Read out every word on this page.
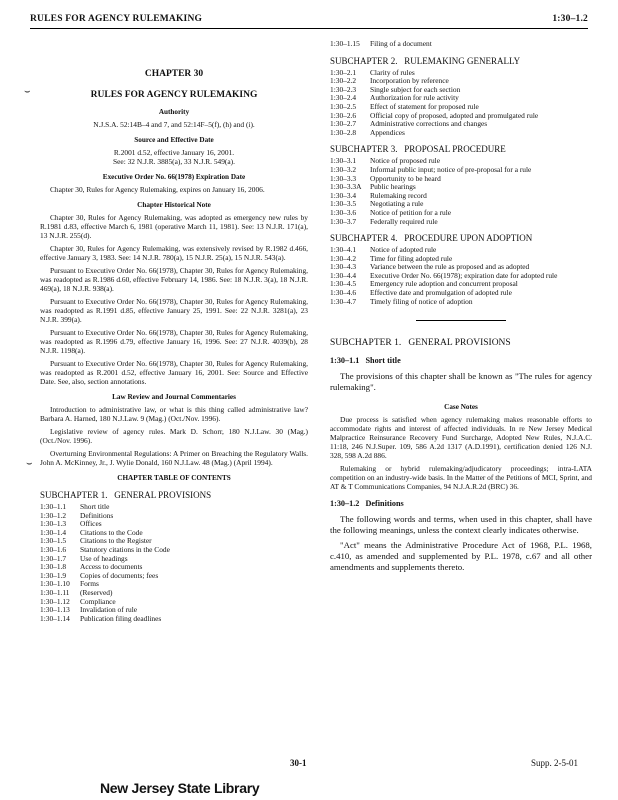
RULES FOR AGENCY RULEMAKING	1:30–1.2
⌣
⌣
CHAPTER 30
RULES FOR AGENCY RULEMAKING
Authority

N.J.S.A. 52:14B–4 and 7, and 52:14F–5(f), (h) and (i).

Source and Effective Date

R.2001 d.52, effective January 16, 2001.

See: 32 N.J.R. 3885(a), 33 N.J.R. 549(a).

Executive Order No. 66(1978) Expiration Date

Chapter 30, Rules for Agency Rulemaking, expires on January 16, 2006.

Chapter Historical Note

Chapter 30, Rules for Agency Rulemaking, was adopted as emergency new rules by R.1981 d.83, effective March 6, 1981 (operative March 11, 1981). See: 13 N.J.R. 171(a), 13 N.J.R. 255(d).

Chapter 30, Rules for Agency Rulemaking, was extensively revised by R.1982 d.466, effective January 3, 1983. See: 14 N.J.R. 780(a), 15 N.J.R. 25(a), 15 N.J.R. 543(a).

Pursuant to Executive Order No. 66(1978), Chapter 30, Rules for Agency Rulemaking, was readopted as R.1986 d.60, effective February 14, 1986. See: 18 N.J.R. 3(a), 18 N.J.R. 469(a), 18 N.J.R. 938(a).

Pursuant to Executive Order No. 66(1978), Chapter 30, Rules for Agency Rulemaking, was readopted as R.1991 d.85, effective January 25, 1991. See: 22 N.J.R. 3281(a), 23 N.J.R. 399(a).

Pursuant to Executive Order No. 66(1978), Chapter 30, Rules for Agency Rulemaking, was readopted as R.1996 d.79, effective January 16, 1996. See: 27 N.J.R. 4039(b), 28 N.J.R. 1198(a).

Pursuant to Executive Order No. 66(1978), Chapter 30, Rules for Agency Rulemaking, was readopted as R.2001 d.52, effective January 16, 2001. See: Source and Effective Date. See, also, section annotations.

Law Review and Journal Commentaries

Introduction to administrative law, or what is this thing called administrative law? Barbara A. Harned, 180 N.J.Law. 9 (Mag.) (Oct./Nov. 1996).

Legislative review of agency rules. Mark D. Schorr, 180 N.J.Law. 30 (Mag.) (Oct./Nov. 1996).

Overturning Environmental Regulations: A Primer on Breaching the Regulatory Walls. John A. McKinney, Jr., J. Wylie Donald, 160 N.J.Law. 48 (Mag.) (April 1994).

CHAPTER TABLE OF CONTENTS
SUBCHAPTER 1.   GENERAL PROVISIONS
1:30–1.1	Short title
1:30–1.2	Definitions
1:30–1.3	Offices
1:30–1.4	Citations to the Code
1:30–1.5	Citations to the Register
1:30–1.6	Statutory citations in the Code
1:30–1.7	Use of headings
1:30–1.8	Access to documents
1:30–1.9	Copies of documents; fees
1:30–1.10	Forms
1:30–1.11	(Reserved)
1:30–1.12	Compliance
1:30–1.13	Invalidation of rule
1:30–1.14	Publication filing deadlines
1:30–1.15	Filing of a document
SUBCHAPTER 2.   RULEMAKING GENERALLY
1:30–2.1	Clarity of rules
1:30–2.2	Incorporation by reference
1:30–2.3	Single subject for each section
1:30–2.4	Authorization for rule activity
1:30–2.5	Effect of statement for proposed rule
1:30–2.6	Official copy of proposed, adopted and promulgated rule
1:30–2.7	Administrative corrections and changes
1:30–2.8	Appendices
SUBCHAPTER 3.   PROPOSAL PROCEDURE
1:30–3.1	Notice of proposed rule
1:30–3.2	Informal public input; notice of pre-proposal for a rule
1:30–3.3	Opportunity to be heard
1:30–3.3A	Public hearings
1:30–3.4	Rulemaking record
1:30–3.5	Negotiating a rule
1:30–3.6	Notice of petition for a rule
1:30–3.7	Federally required rule
SUBCHAPTER 4.   PROCEDURE UPON ADOPTION
1:30–4.1	Notice of adopted rule
1:30–4.2	Time for filing adopted rule
1:30–4.3	Variance between the rule as proposed and as adopted
1:30–4.4	Executive Order No. 66(1978); expiration date for adopted rule
1:30–4.5	Emergency rule adoption and concurrent proposal
1:30–4.6	Effective date and promulgation of adopted rule
1:30–4.7	Timely filing of notice of adoption
SUBCHAPTER 1.   GENERAL PROVISIONS
1:30–1.1   Short title

The provisions of this chapter shall be known as "The rules for agency rulemaking".

Case Notes

Due process is satisfied when agency rulemaking makes reasonable efforts to accommodate rights and interest of affected individuals. In re New Jersey Medical Malpractice Reinsurance Recovery Fund Surcharge, Adopted New Rules, N.J.A.C. 11:18, 246 N.J.Super. 109, 586 A.2d 1317 (A.D.1991), certification denied 126 N.J. 328, 598 A.2d 886.

Rulemaking or hybrid rulemaking/adjudicatory proceedings; intra-LATA competition on an industry-wide basis. In the Matter of the Petitions of MCI, Sprint, and AT & T Communications Companies, 94 N.J.A.R.2d (BRC) 36.

1:30–1.2   Definitions

The following words and terms, when used in this chapter, shall have the following meanings, unless the context clearly indicates otherwise.

"Act" means the Administrative Procedure Act of 1968, P.L. 1968, c.410, as amended and supplemented by P.L. 1978, c.67 and all other amendments and supplements thereto.

30-1	Supp. 2-5-01
New Jersey State Library
